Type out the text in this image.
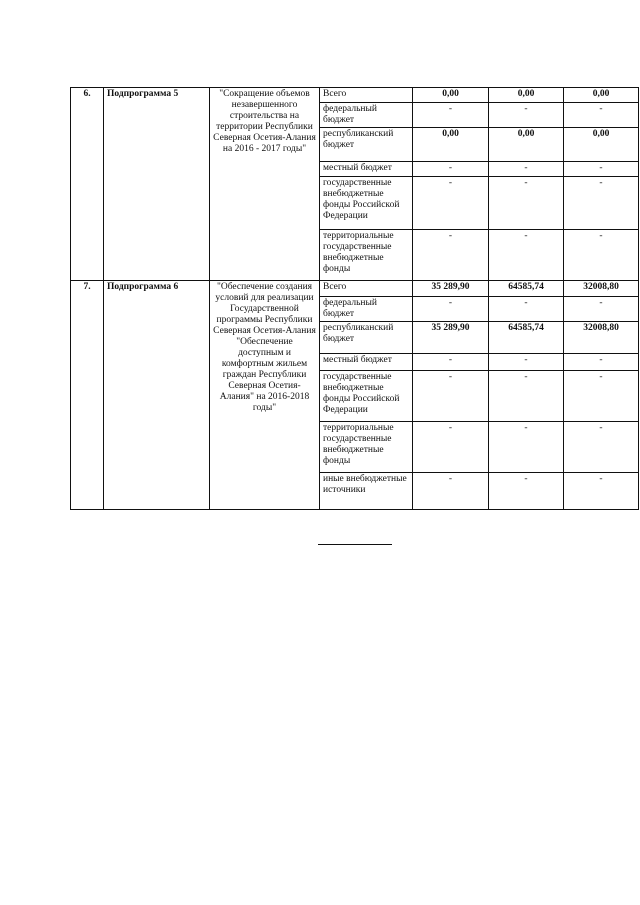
6.	Подпрограмма 5	"Сокращение объемов незавершенного строительства на территории Республики Северная Осетия-Алания на 2016 - 2017 годы"	Всего	0,00	0,00	0,00
			федеральный бюджет	-	-	-
			республиканский бюджет	0,00	0,00	0,00
			местный бюджет	-	-	-
			государственные внебюджетные фонды Российской Федерации	-	-	-
			территориальные государственные внебюджетные фонды	-	-	-
7.	Подпрограмма 6	"Обеспечение создания условий для реализации Государственной программы Республики Северная Осетия-Алания "Обеспечение доступным и комфортным жильем граждан Республики Северная Осетия-Алания" на 2016-2018 годы"	Всего	35 289,90	64585,74	32008,80
			федеральный бюджет	-	-	-
			республиканский бюджет	35 289,90	64585,74	32008,80
			местный бюджет	-	-	-
			государственные внебюджетные фонды Российской Федерации	-	-	-
			территориальные государственные внебюджетные фонды	-	-	-
			иные внебюджетные источники	-	-	-
